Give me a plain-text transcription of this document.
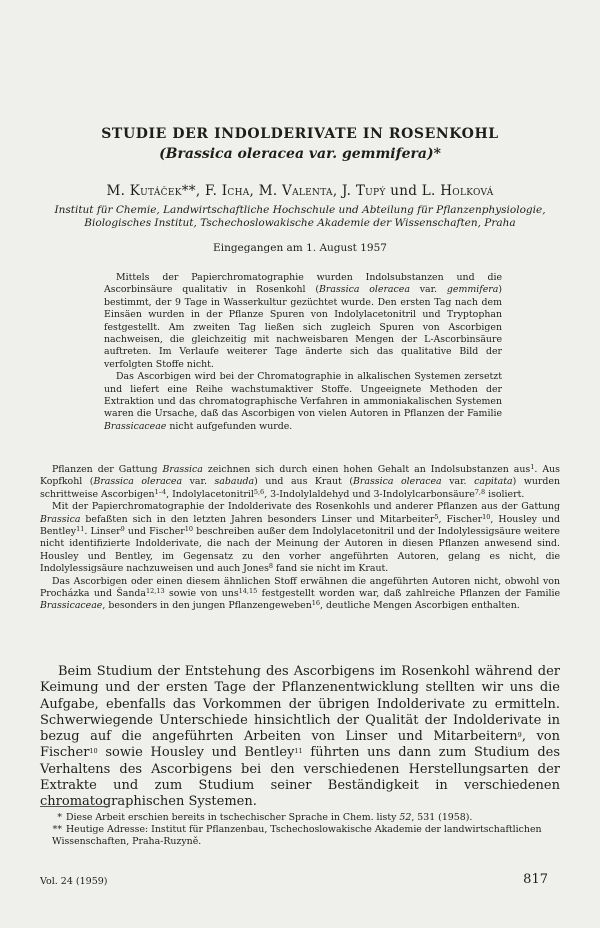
STUDIE DER INDOLDERIVATE IN ROSENKOHL
(Brassica oleracea var. gemmifera)*
M. Kutáček**, F. Icha, M. Valenta, J. Tupý und L. Holková
Institut für Chemie, Landwirtschaftliche Hochschule und Abteilung für Pflanzenphysiologie, Biologisches Institut, Tschechoslowakische Akademie der Wissenschaften, Praha
Eingegangen am 1. August 1957

Mittels der Papierchromatographie wurden Indolsubstanzen und die Ascorbinsäure qualitativ in Rosenkohl (Brassica oleracea var. gemmifera) bestimmt, der 9 Tage in Wasserkultur gezüchtet wurde. Den ersten Tag nach dem Einsäen wurden in der Pflanze Spuren von Indolylacetonitril und Tryptophan festgestellt. Am zweiten Tag ließen sich zugleich Spuren von Ascorbigen nachweisen, die gleichzeitig mit nachweisbaren Mengen der L-Ascorbinsäure auftreten. Im Verlaufe weiterer Tage änderte sich das qualitative Bild der verfolgten Stoffe nicht.

Das Ascorbigen wird bei der Chromatographie in alkalischen Systemen zersetzt und liefert eine Reihe wachstumaktiver Stoffe. Ungeeignete Methoden der Extraktion und das chromatographische Verfahren in ammoniakalischen Systemen waren die Ursache, daß das Ascorbigen von vielen Autoren in Pflanzen der Familie Brassicaceae nicht aufgefunden wurde.

Pflanzen der Gattung Brassica zeichnen sich durch einen hohen Gehalt an Indolsubstanzen aus$^1$. Aus Kopfkohl (Brassica oleracea var. sabauda) und aus Kraut (Brassica oleracea var. capitata) wurden schrittweise Ascorbigen$^{1-4}$, Indolylacetonitril$^{5,6}$, 3-Indolylaldehyd und 3-Indolylcarbonsäure$^{7,8}$ isoliert.

Mit der Papierchromatographie der Indolderivate des Rosenkohls und anderer Pflanzen aus der Gattung Brassica befaßten sich in den letzten Jahren besonders Linser und Mitarbeiter$^5$, Fischer$^{10}$, Housley und Bentley$^{11}$. Linser$^9$ und Fischer$^{10}$ beschreiben außer dem Indolylacetonitril und der Indolylessigsäure weitere nicht identifizierte Indolderivate, die nach der Meinung der Autoren in diesen Pflanzen anwesend sind. Housley und Bentley, im Gegensatz zu den vorher angeführten Autoren, gelang es nicht, die Indolylessigsäure nachzuweisen und auch Jones$^8$ fand sie nicht im Kraut.

Das Ascorbigen oder einen diesem ähnlichen Stoff erwähnen die angeführten Autoren nicht, obwohl von Procházka und Šanda$^{12,13}$ sowie von uns$^{14,15}$ festgestellt worden war, daß zahlreiche Pflanzen der Familie Brassicaceae, besonders in den jungen Pflanzengeweben$^{16}$, deutliche Mengen Ascorbigen enthalten.

Beim Studium der Entstehung des Ascorbigens im Rosenkohl während der Keimung und der ersten Tage der Pflanzenentwicklung stellten wir uns die Aufgabe, ebenfalls das Vorkommen der übrigen Indolderivate zu ermitteln. Schwerwiegende Unterschiede hinsichtlich der Qualität der Indolderivate in bezug auf die angeführten Arbeiten von Linser und Mitarbeitern$^9$, von Fischer$^{10}$ sowie Housley und Bentley$^{11}$ führten uns dann zum Studium des Verhaltens des Ascorbigens bei den verschiedenen Herstellungsarten der Extrakte und zum Studium seiner Beständigkeit in verschiedenen chromatographischen Systemen.

* Diese Arbeit erschien bereits in tschechischer Sprache in Chem. listy 52, 531 (1958).
** Heutige Adresse: Institut für Pflanzenbau, Tschechoslowakische Akademie der landwirtschaftlichen Wissenschaften, Praha-Ruzyně.
Vol. 24 (1959)	817
